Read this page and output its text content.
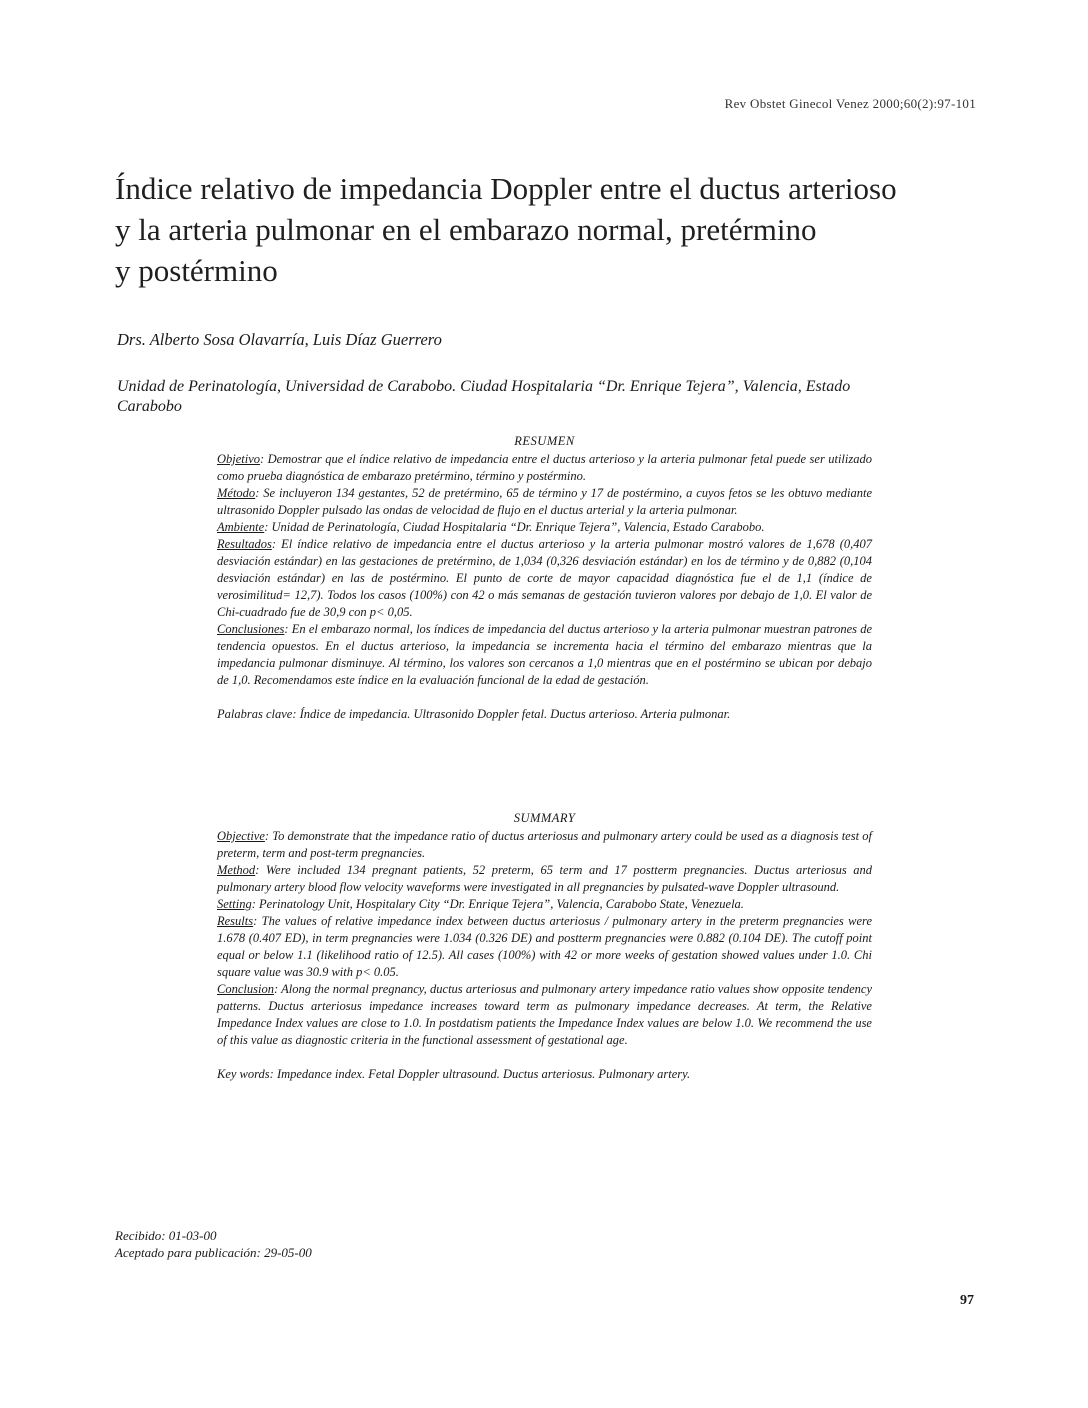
Rev Obstet Ginecol Venez 2000;60(2):97-101
Índice relativo de impedancia Doppler entre el ductus arterioso
y la arteria pulmonar en el embarazo normal, pretérmino
y postérmino
Drs. Alberto Sosa Olavarría, Luis Díaz Guerrero
Unidad de Perinatología, Universidad de Carabobo. Ciudad Hospitalaria “Dr. Enrique Tejera”, Valencia, Estado
Carabobo
RESUMEN

Objetivo: Demostrar que el índice relativo de impedancia entre el ductus arterioso y la arteria pulmonar fetal puede ser utilizado como prueba diagnóstica de embarazo pretérmino, término y postérmino.

Método: Se incluyeron 134 gestantes, 52 de pretérmino, 65 de término y 17 de postérmino, a cuyos fetos se les obtuvo mediante ultrasonido Doppler pulsado las ondas de velocidad de flujo en el ductus arterial y la arteria pulmonar.

Ambiente: Unidad de Perinatología, Ciudad Hospitalaria “Dr. Enrique Tejera”, Valencia, Estado Carabobo.

Resultados: El índice relativo de impedancia entre el ductus arterioso y la arteria pulmonar mostró valores de 1,678 (0,407 desviación estándar) en las gestaciones de pretérmino, de 1,034 (0,326 desviación estándar) en los de término y de 0,882 (0,104 desviación estándar) en las de postérmino. El punto de corte de mayor capacidad diagnóstica fue el de 1,1 (índice de verosimilitud= 12,7). Todos los casos (100%) con 42 o más semanas de gestación tuvieron valores por debajo de 1,0. El valor de Chi-cuadrado fue de 30,9 con p< 0,05.

Conclusiones: En el embarazo normal, los índices de impedancia del ductus arterioso y la arteria pulmonar muestran patrones de tendencia opuestos. En el ductus arterioso, la impedancia se incrementa hacia el término del embarazo mientras que la impedancia pulmonar disminuye. Al término, los valores son cercanos a 1,0 mientras que en el postérmino se ubican por debajo de 1,0. Recomendamos este índice en la evaluación funcional de la edad de gestación.

Palabras clave: Índice de impedancia. Ultrasonido Doppler fetal. Ductus arterioso. Arteria pulmonar.

SUMMARY

Objective: To demonstrate that the impedance ratio of ductus arteriosus and pulmonary artery could be used as a diagnosis test of preterm, term and post-term pregnancies.

Method: Were included 134 pregnant patients, 52 preterm, 65 term and 17 postterm pregnancies. Ductus arteriosus and pulmonary artery blood flow velocity waveforms were investigated in all pregnancies by pulsated-wave Doppler ultrasound.

Setting: Perinatology Unit, Hospitalary City “Dr. Enrique Tejera”, Valencia, Carabobo State, Venezuela.

Results: The values of relative impedance index between ductus arteriosus / pulmonary artery in the preterm pregnancies were 1.678 (0.407 ED), in term pregnancies were 1.034 (0.326 DE) and postterm pregnancies were 0.882 (0.104 DE). The cutoff point equal or below 1.1 (likelihood ratio of 12.5). All cases (100%) with 42 or more weeks of gestation showed values under 1.0. Chi square value was 30.9 with p< 0.05.

Conclusion: Along the normal pregnancy, ductus arteriosus and pulmonary artery impedance ratio values show opposite tendency patterns. Ductus arteriosus impedance increases toward term as pulmonary impedance decreases. At term, the Relative Impedance Index values are close to 1.0. In postdatism patients the Impedance Index values are below 1.0. We recommend the use of this value as diagnostic criteria in the functional assessment of gestational age.

Key words: Impedance index. Fetal Doppler ultrasound. Ductus arteriosus. Pulmonary artery.

Recibido: 01-03-00
Aceptado para publicación: 29-05-00
97
